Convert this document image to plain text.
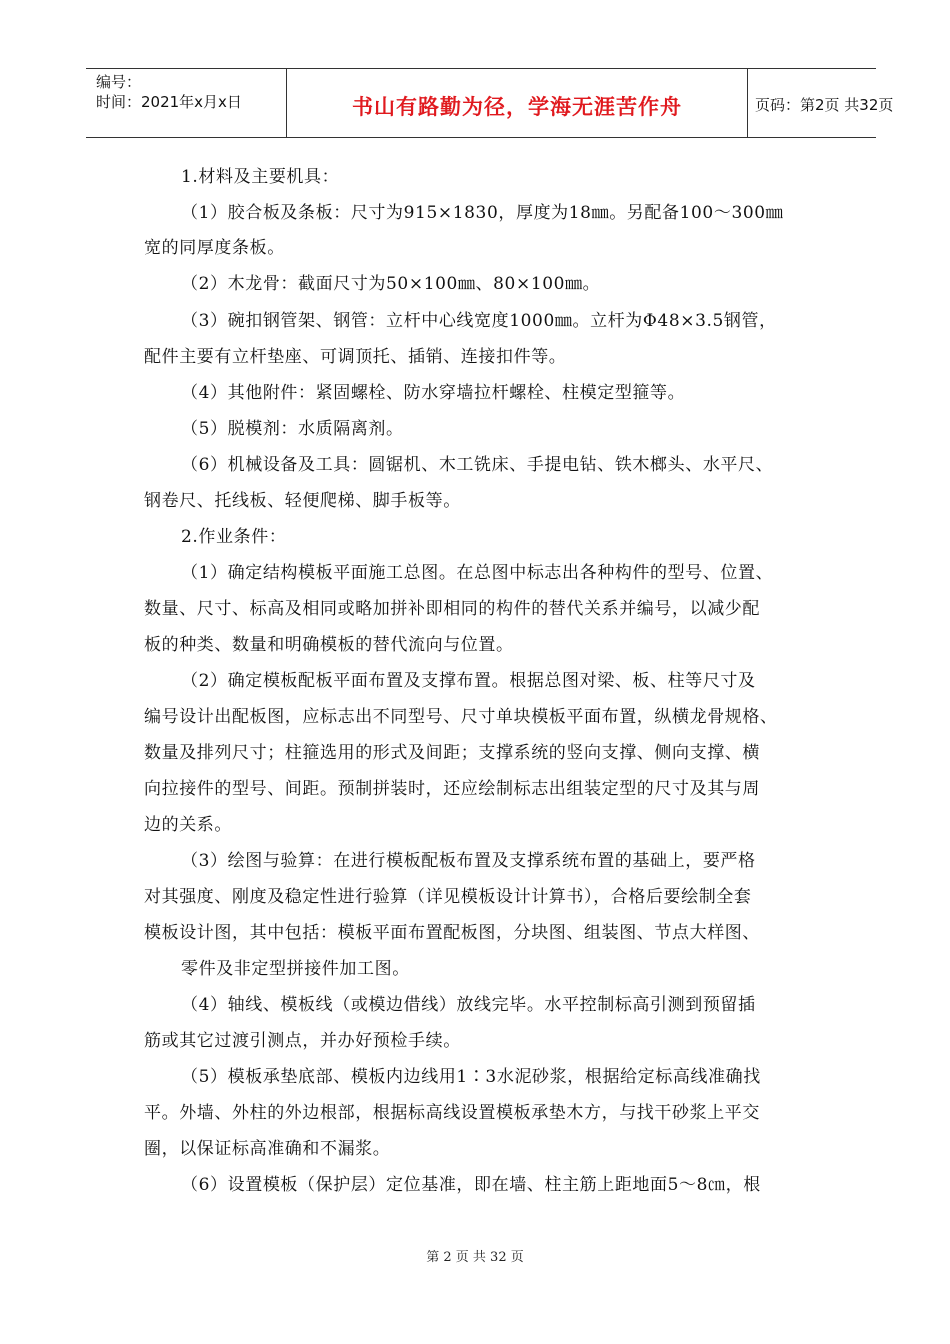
编号：
时间：2021年x月x日	书山有路勤为径，学海无涯苦作舟	页码：第2页 共32页
1.材料及主要机具：
（1）胶合板及条板：尺寸为915×1830，厚度为18㎜。另配备100～300㎜
宽的同厚度条板。
（2）木龙骨：截面尺寸为50×100㎜、80×100㎜。
（3）碗扣钢管架、钢管：立杆中心线宽度1000㎜。立杆为Φ48×3.5钢管，
配件主要有立杆垫座、可调顶托、插销、连接扣件等。
（4）其他附件：紧固螺栓、防水穿墙拉杆螺栓、柱模定型箍等。
（5）脱模剂：水质隔离剂。
（6）机械设备及工具：圆锯机、木工铣床、手提电钻、铁木榔头、水平尺、
钢卷尺、托线板、轻便爬梯、脚手板等。
2.作业条件：
（1）确定结构模板平面施工总图。在总图中标志出各种构件的型号、位置、
数量、尺寸、标高及相同或略加拼补即相同的构件的替代关系并编号，以减少配
板的种类、数量和明确模板的替代流向与位置。
（2）确定模板配板平面布置及支撑布置。根据总图对梁、板、柱等尺寸及
编号设计出配板图，应标志出不同型号、尺寸单块模板平面布置，纵横龙骨规格、
数量及排列尺寸；柱箍选用的形式及间距；支撑系统的竖向支撑、侧向支撑、横
向拉接件的型号、间距。预制拼装时，还应绘制标志出组装定型的尺寸及其与周
边的关系。
（3）绘图与验算：在进行模板配板布置及支撑系统布置的基础上，要严格
对其强度、刚度及稳定性进行验算（详见模板设计计算书），合格后要绘制全套
模板设计图，其中包括：模板平面布置配板图，分块图、组装图、节点大样图、
零件及非定型拼接件加工图。
（4）轴线、模板线（或模边借线）放线完毕。水平控制标高引测到预留插
筋或其它过渡引测点，并办好预检手续。
（5）模板承垫底部、模板内边线用1∶3水泥砂浆，根据给定标高线准确找
平。外墙、外柱的外边根部，根据标高线设置模板承垫木方，与找干砂浆上平交
圈，以保证标高准确和不漏浆。
（6）设置模板（保护层）定位基准，即在墙、柱主筋上距地面5～8㎝，根
第 2 页 共 32 页
